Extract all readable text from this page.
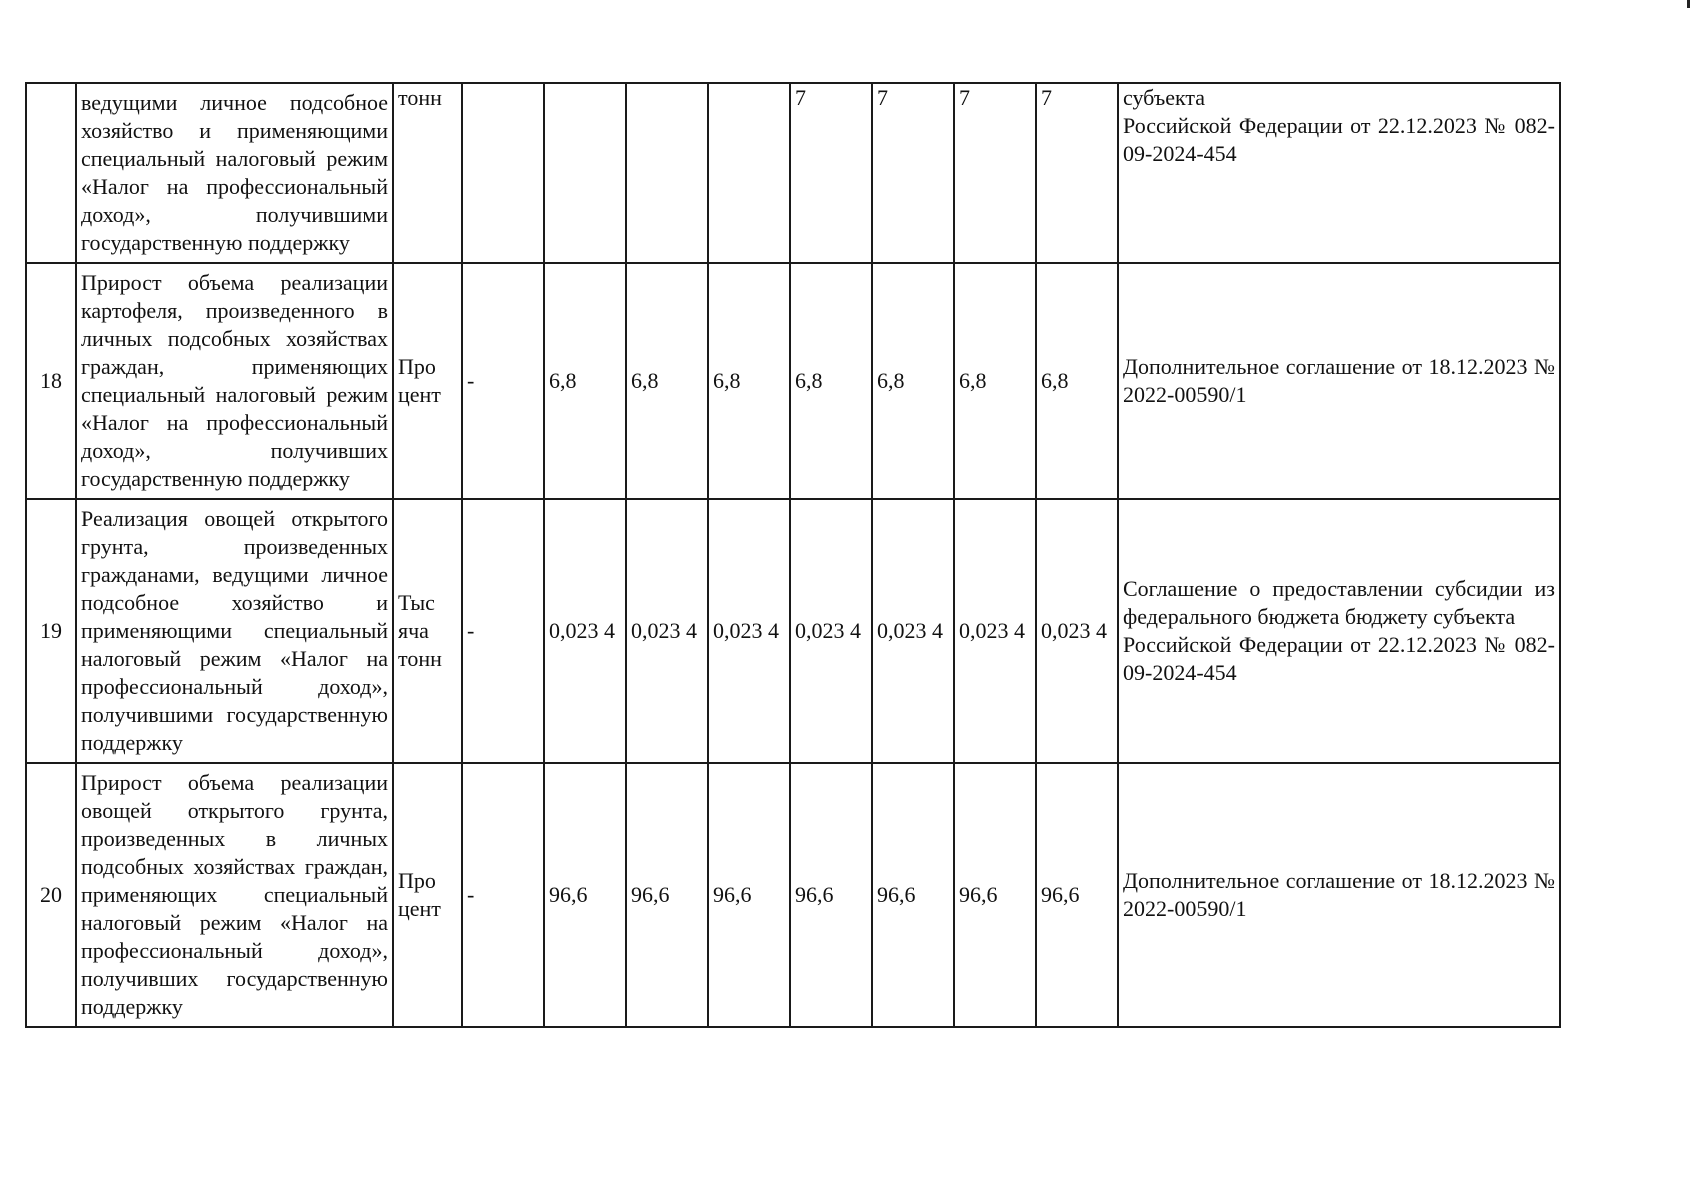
	ведущими личное подсобное хозяйство и применяющими специальный налоговый режим «Налог на профессиональный доход», получившими государственную поддержку	тонн					7	7	7	7	субъекта
Российской Федерации от 22.12.2023 № 082-09-2024-454

18	Прирост объема реализации картофеля, произведенного в личных подсобных хозяйствах граждан, применяющих специальный налоговый режим «Налог на профессиональный доход», получивших государственную поддержку	Про цент	-	6,8	6,8	6,8	6,8	6,8	6,8	6,8	Дополнительное соглашение от 18.12.2023 № 2022-00590/1

19	Реализация овощей открытого грунта, произведенных гражданами, ведущими личное подсобное хозяйство и применяющими специальный налоговый режим «Налог на профессиональный доход», получившими государственную поддержку	Тыс яча тонн	-	0,023 4	0,023 4	0,023 4	0,023 4	0,023 4	0,023 4	0,023 4	Соглашение о предоставлении субсидии из федерального бюджета бюджету субъекта
Российской Федерации от 22.12.2023 № 082-09-2024-454

20	Прирост объема реализации овощей открытого грунта, произведенных в личных подсобных хозяйствах граждан, применяющих специальный налоговый режим «Налог на профессиональный доход», получивших государственную поддержку	Про цент	-	96,6	96,6	96,6	96,6	96,6	96,6	96,6	Дополнительное соглашение от 18.12.2023 № 2022-00590/1
